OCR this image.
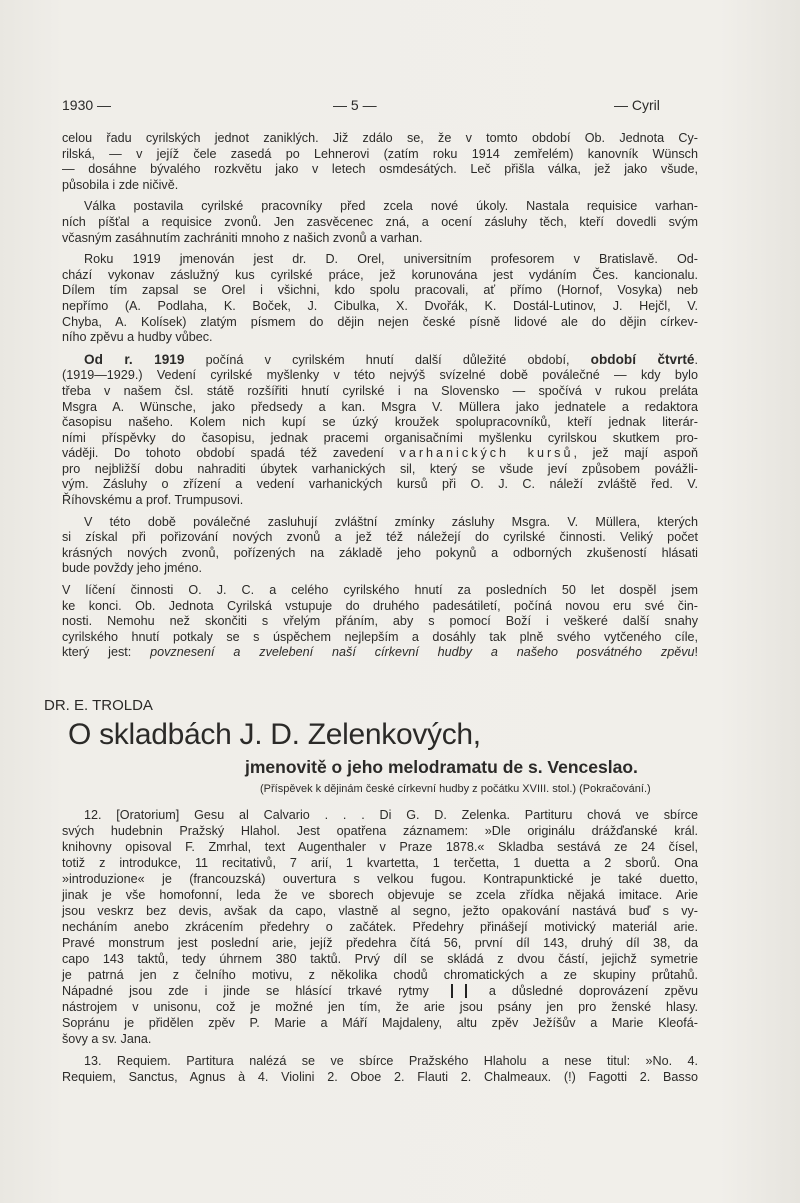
1930 —	— 5 —	— Cyril
celou řadu cyrilských jednot zaniklých. Již zdálo se, že v tomto období Ob. Jednota Cy-
rilská, — v jejíž čele zasedá po Lehnerovi (zatím roku 1914 zemřelém) kanovník Wünsch
— dosáhne bývalého rozkvětu jako v letech osmdesátých. Leč přišla válka, jež jako všude,
působila i zde ničivě.
Válka postavila cyrilské pracovníky před zcela nové úkoly. Nastala requisice varhan-
ních píšťal a requisice zvonů. Jen zasvěcenec zná, a ocení zásluhy těch, kteří dovedli svým
včasným zasáhnutím zachrániti mnoho z našich zvonů a varhan.
Roku 1919 jmenován jest dr. D. Orel, universitním profesorem v Bratislavě. Od-
chází vykonav záslužný kus cyrilské práce, jež korunována jest vydáním Čes. kancionalu.
Dílem tím zapsal se Orel i všichni, kdo spolu pracovali, ať přímo (Hornof, Vosyka) neb
nepřímo (A. Podlaha, K. Boček, J. Cibulka, X. Dvořák, K. Dostál-Lutinov, J. Hejčl, V.
Chyba, A. Kolísek) zlatým písmem do dějin nejen české písně lidové ale do dějin církev-
ního zpěvu a hudby vůbec.
Od r. 1919 počíná v cyrilském hnutí další důležité období, období čtvrté.
(1919—1929.) Vedení cyrilské myšlenky v této nejvýš svízelné době poválečné — kdy bylo
třeba v našem čsl. státě rozšířiti hnutí cyrilské i na Slovensko — spočívá v rukou preláta
Msgra A. Wünsche, jako předsedy a kan. Msgra V. Müllera jako jednatele a redaktora
časopisu našeho. Kolem nich kupí se úzký kroužek spolupracovníků, kteří jednak literár-
ními příspěvky do časopisu, jednak pracemi organisačními myšlenku cyrilskou skutkem pro-
váději. Do tohoto období spadá též zavedení varhanických kursů, jež mají aspoň
pro nejbližší dobu nahraditi úbytek varhanických sil, který se všude jeví způsobem povážli-
vým. Zásluhy o zřízení a vedení varhanických kursů při O. J. C. náleží zvláště řed. V.
Říhovskému a prof. Trumpusovi.
V této době poválečné zasluhují zvláštní zmínky zásluhy Msgra. V. Müllera, kterých
si získal při pořizování nových zvonů a jež též náležejí do cyrilské činnosti. Veliký počet
krásných nových zvonů, pořízených na základě jeho pokynů a odborných zkušeností hlásati
bude povždy jeho jméno.
V líčení činnosti O. J. C. a celého cyrilského hnutí za posledních 50 let dospěl jsem
ke konci. Ob. Jednota Cyrilská vstupuje do druhého padesátiletí, počíná novou eru své čin-
nosti. Nemohu než skončiti s vřelým přáním, aby s pomocí Boží i veškeré další snahy
cyrilského hnutí potkaly se s úspěchem nejlepším a dosáhly tak plně svého vytčeného cíle,
který jest: povznesení a zvelebení naší církevní hudby a našeho posvátného zpěvu!
DR. E. TROLDA
O skladbách J. D. Zelenkových,
jmenovitě o jeho melodramatu de s. Venceslao.
(Příspěvek k dějinám české církevní hudby z počátku XVIII. stol.) (Pokračování.)
12. [Oratorium] Gesu al Calvario . . . Di G. D. Zelenka. Partituru chová ve sbírce
svých hudebnin Pražský Hlahol. Jest opatřena záznamem: »Dle originálu drážďanské král.
knihovny opisoval F. Zmrhal, text Augenthaler v Praze 1878.« Skladba sestává ze 24 čísel,
totiž z introdukce, 11 recitativů, 7 arií, 1 kvartetta, 1 terčetta, 1 duetta a 2 sborů. Ona
»introduzione« je (francouzská) ouvertura s velkou fugou. Kontrapunktické je také duetto,
jinak je vše homofonní, leda že ve sborech objevuje se zcela zřídka nějaká imitace. Arie
jsou veskrz bez devis, avšak da capo, vlastně al segno, ježto opakování nastává buď s vy-
necháním anebo zkrácením předehry o začátek. Předehry přinášejí motivický materiál arie.
Pravé monstrum jest poslední arie, jejíž předehra čítá 56, první díl 143, druhý díl 38, da
capo 143 taktů, tedy úhrnem 380 taktů. Prvý díl se skládá z dvou částí, jejichž symetrie
je patrná jen z čelního motivu, z několika chodů chromatických a ze skupiny průtahů.
Nápadné jsou zde i jinde se hlásící trkavé rytmy  a důsledné doprovázení zpěvu
nástrojem v unisonu, což je možné jen tím, že arie jsou psány jen pro ženské hlasy.
Sopránu je přidělen zpěv P. Marie a Máří Majdaleny, altu zpěv Ježíšův a Marie Kleofá-
šovy a sv. Jana.
13. Requiem. Partitura nalézá se ve sbírce Pražského Hlaholu a nese titul: »No. 4.
Requiem, Sanctus, Agnus à 4. Violini 2. Oboe 2. Flauti 2. Chalmeaux. (!) Fagotti 2. Basso
